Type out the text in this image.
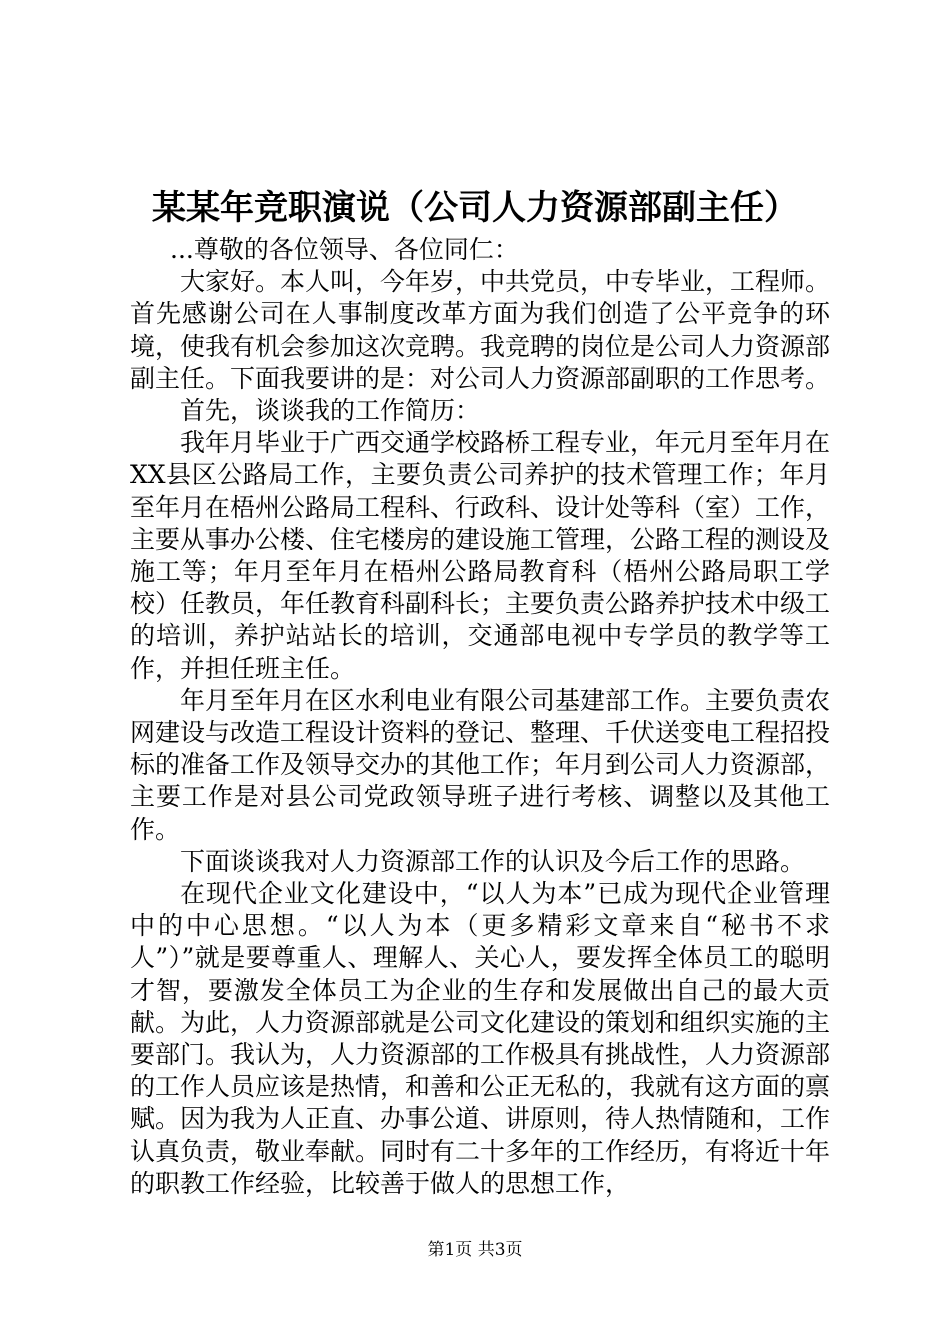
某某年竞职演说（公司人力资源部副主任）

...尊敬的各位领导、各位同仁：

大家好。本人叫，今年岁，中共党员，中专毕业，工程师。首先感谢公司在人事制度改革方面为我们创造了公平竞争的环境，使我有机会参加这次竞聘。我竞聘的岗位是公司人力资源部副主任。下面我要讲的是：对公司人力资源部副职的工作思考。

首先，谈谈我的工作简历：

我年月毕业于广西交通学校路桥工程专业，年元月至年月在XX县区公路局工作，主要负责公司养护的技术管理工作；年月至年月在梧州公路局工程科、行政科、设计处等科（室）工作，主要从事办公楼、住宅楼房的建设施工管理，公路工程的测设及施工等；年月至年月在梧州公路局教育科（梧州公路局职工学校）任教员，年任教育科副科长；主要负责公路养护技术中级工的培训，养护站站长的培训，交通部电视中专学员的教学等工作，并担任班主任。

年月至年月在区水利电业有限公司基建部工作。主要负责农网建设与改造工程设计资料的登记、整理、千伏送变电工程招投标的准备工作及领导交办的其他工作；年月到公司人力资源部，主要工作是对县公司党政领导班子进行考核、调整以及其他工作。

下面谈谈我对人力资源部工作的认识及今后工作的思路。

在现代企业文化建设中，“以人为本”已成为现代企业管理中的中心思想。“以人为本（更多精彩文章来自“秘书不求人”）”就是要尊重人、理解人、关心人，要发挥全体员工的聪明才智，要激发全体员工为企业的生存和发展做出自己的最大贡献。为此，人力资源部就是公司文化建设的策划和组织实施的主要部门。我认为，人力资源部的工作极具有挑战性，人力资源部的工作人员应该是热情，和善和公正无私的，我就有这方面的禀赋。因为我为人正直、办事公道、讲原则，待人热情随和，工作认真负责，敬业奉献。同时有二十多年的工作经历，有将近十年的职教工作经验，比较善于做人的思想工作，

第1页 共3页
